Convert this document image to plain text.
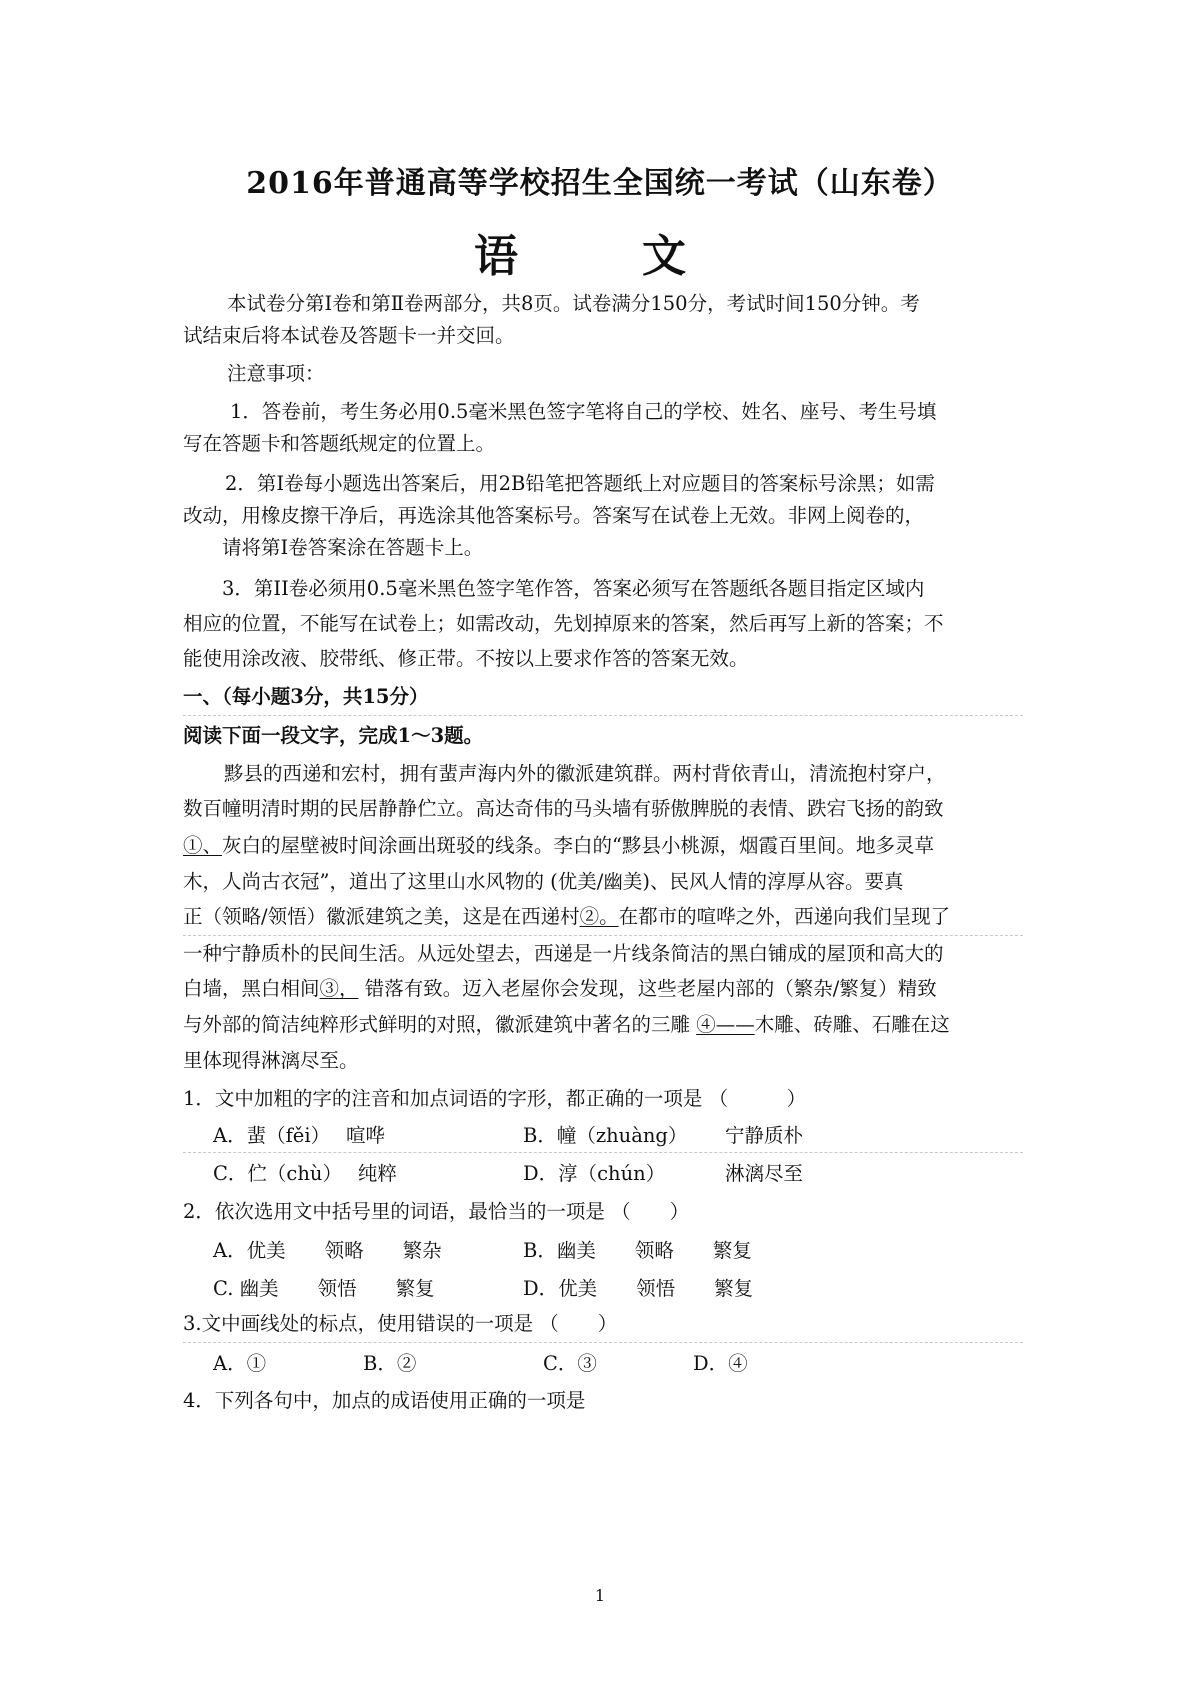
2016年普通高等学校招生全国统一考试（山东卷）
语　文
本试卷分第Ⅰ卷和第Ⅱ卷两部分，共8页。试卷满分150分，考试时间150分钟。考
试结束后将本试卷及答题卡一并交回。
注意事项：
1．答卷前，考生务必用0.5毫米黑色签字笔将自己的学校、姓名、座号、考生号填
写在答题卡和答题纸规定的位置上。
2．第Ⅰ卷每小题选出答案后，用2B铅笔把答题纸上对应题目的答案标号涂黑；如需
改动，用橡皮擦干净后，再选涂其他答案标号。答案写在试卷上无效。非网上阅卷的，
请将第Ⅰ卷答案涂在答题卡上。
3．第II卷必须用0.5毫米黑色签字笔作答，答案必须写在答题纸各题目指定区域内
相应的位置，不能写在试卷上；如需改动，先划掉原来的答案，然后再写上新的答案；不
能使用涂改液、胶带纸、修正带。不按以上要求作答的答案无效。
一、（每小题3分，共15分）
阅读下面一段文字，完成1～3题。
黟县的西递和宏村，拥有蜚声海内外的徽派建筑群。两村背依青山，清流抱村穿户，
数百幢明清时期的民居静静伫立。高达奇伟的马头墙有骄傲脾脱的表情、跌宕飞扬的韵致
①、灰白的屋壁被时间涂画出斑驳的线条。李白的“黟县小桃源，烟霞百里间。地多灵草
木，人尚古衣冠”，道出了这里山水风物的 (优美/幽美)、民风人情的淳厚从容。要真
正（领略/领悟）徽派建筑之美，这是在西递村②。在都市的喧哗之外，西递向我们呈现了
一种宁静质朴的民间生活。从远处望去，西递是一片线条简洁的黑白铺成的屋顶和高大的
白墙，黑白相间③， 错落有致。迈入老屋你会发现，这些老屋内部的（繁杂/繁复）精致
与外部的简洁纯粹形式鲜明的对照，徽派建筑中著名的三雕 ④——木雕、砖雕、石雕在这
里体现得淋漓尽至。
1．文中加粗的字的注音和加点词语的字形，都正确的一项是 （　　　）
A．蜚（fěi）　 喧哗	B．幢（zhuàng） 宁静质朴
C．伫（chù）　 纯粹	D．淳（chún）	淋漓尽至
2．依次选用文中括号里的词语，最恰当的一项是 （　　）
A．优美　　领略　　繁杂	B．幽美　　领略　　繁复
C. 幽美　　领悟　　繁复	D．优美　　领悟　　繁复
3.文中画线处的标点，使用错误的一项是 （　　）
A．①	B．②	C．③	D．④
4．下列各句中，加点的成语使用正确的一项是
1
